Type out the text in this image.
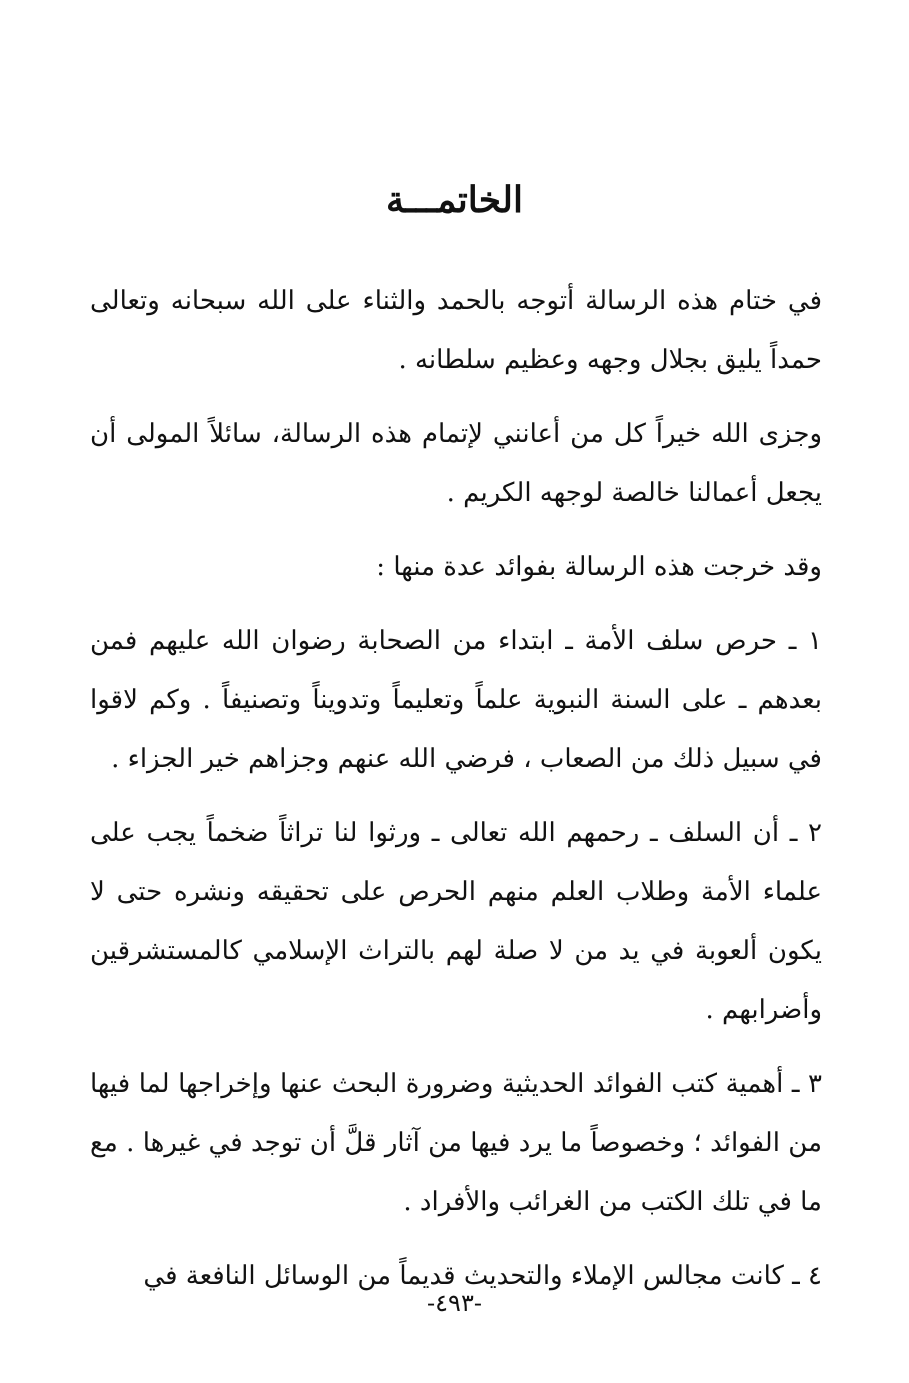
الخاتمـــة

في ختام هذه الرسالة أتوجه بالحمد والثناء على الله سبحانه وتعالى حمداً يليق بجلال وجهه وعظيم سلطانه .

وجزى الله خيراً كل من أعانني لإتمام هذه الرسالة، سائلاً المولى أن يجعل أعمالنا خالصة لوجهه الكريم .

وقد خرجت هذه الرسالة بفوائد عدة منها :

١ ـ حرص سلف الأمة ـ ابتداء من الصحابة رضوان الله عليهم فمن بعدهم ـ على السنة النبوية علماً وتعليماً وتدويناً وتصنيفاً . وكم لاقوا في سبيل ذلك من الصعاب ، فرضي الله عنهم وجزاهم خير الجزاء .

٢ ـ أن السلف ـ رحمهم الله تعالى ـ ورثوا لنا تراثاً ضخماً يجب على علماء الأمة وطلاب العلم منهم الحرص على تحقيقه ونشره حتى لا يكون ألعوبة في يد من لا صلة لهم بالتراث الإسلامي كالمستشرقين وأضرابهم .

٣ ـ أهمية كتب الفوائد الحديثية وضرورة البحث عنها وإخراجها لما فيها من الفوائد ؛ وخصوصاً ما يرد فيها من آثار قلَّ أن توجد في غيرها . مع ما في تلك الكتب من الغرائب والأفراد .

٤ ـ كانت مجالس الإملاء والتحديث قديماً من الوسائل النافعة في

-٤٩٣-
